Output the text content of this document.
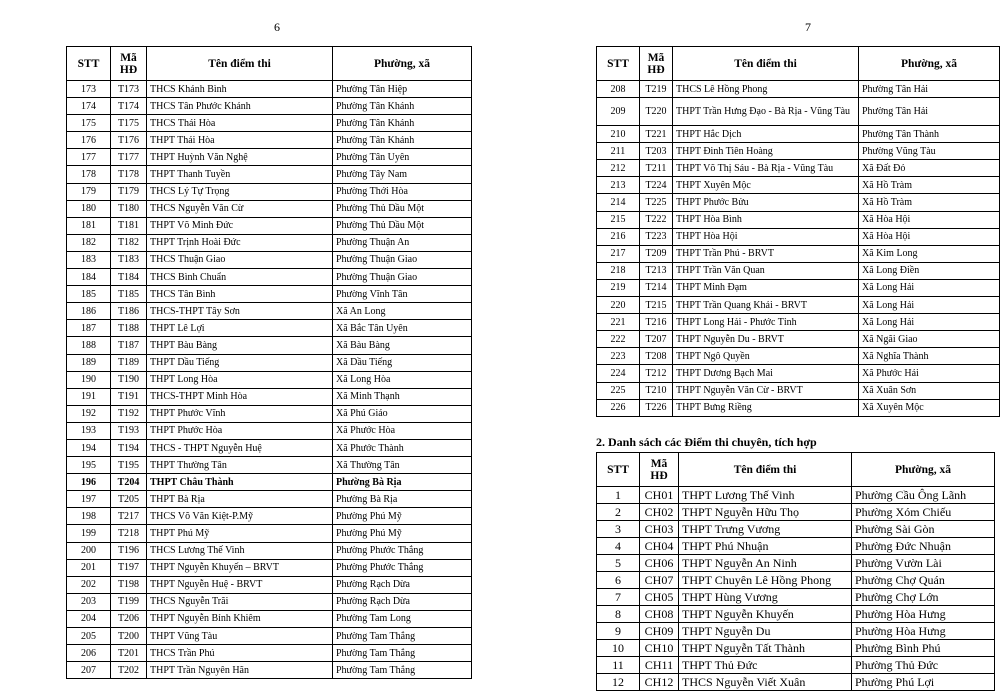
6
STT	Mã HĐ	Tên điểm thi	Phường, xã
173	T173	THCS Khánh Bình	Phường Tân Hiệp
174	T174	THCS Tân Phước Khánh	Phường Tân Khánh
175	T175	THCS Thái Hòa	Phường Tân Khánh
176	T176	THPT Thái Hòa	Phường Tân Khánh
177	T177	THPT Huỳnh Văn Nghệ	Phường Tân Uyên
178	T178	THPT Thanh Tuyền	Phường Tây Nam
179	T179	THCS Lý Tự Trọng	Phường Thới Hòa
180	T180	THCS Nguyễn Văn Cừ	Phường Thủ Dầu Một
181	T181	THPT Võ Minh Đức	Phường Thủ Dầu Một
182	T182	THPT Trịnh Hoài Đức	Phường Thuận An
183	T183	THCS Thuận Giao	Phường Thuận Giao
184	T184	THCS Bình Chuẩn	Phường Thuận Giao
185	T185	THCS Tân Bình	Phường Vĩnh Tân
186	T186	THCS-THPT Tây Sơn	Xã An Long
187	T188	THPT Lê Lợi	Xã Bắc Tân Uyên
188	T187	THPT Bàu Bàng	Xã Bàu Bàng
189	T189	THPT Dầu Tiếng	Xã Dầu Tiếng
190	T190	THPT Long Hòa	Xã Long Hòa
191	T191	THCS-THPT Minh Hòa	Xã Minh Thạnh
192	T192	THPT Phước Vĩnh	Xã Phú Giáo
193	T193	THPT Phước Hòa	Xã Phước Hòa
194	T194	THCS - THPT Nguyễn Huệ	Xã Phước Thành
195	T195	THPT Thường Tân	Xã Thường Tân
196	T204	THPT Châu Thành	Phường Bà Rịa
197	T205	THPT Bà Rịa	Phường Bà Rịa
198	T217	THCS Võ Văn Kiệt-P.Mỹ	Phường Phú Mỹ
199	T218	THPT Phú Mỹ	Phường Phú Mỹ
200	T196	THCS Lương Thế Vinh	Phường Phước Thắng
201	T197	THPT Nguyễn Khuyến – BRVT	Phường Phước Thắng
202	T198	THPT Nguyễn Huệ - BRVT	Phường Rạch Dừa
203	T199	THCS Nguyễn Trãi	Phường Rạch Dừa
204	T206	THPT Nguyễn Bỉnh Khiêm	Phường Tam Long
205	T200	THPT Vũng Tàu	Phường Tam Thắng
206	T201	THCS Trần Phú	Phường Tam Thắng
207	T202	THPT Trần Nguyên Hãn	Phường Tam Thắng
7
STT	Mã HĐ	Tên điểm thi	Phường, xã
208	T219	THCS Lê Hồng Phong	Phường Tân Hải
209	T220	THPT Trần Hưng Đạo - Bà Rịa - Vũng Tàu	Phường Tân Hải
210	T221	THPT Hắc Dịch	Phường Tân Thành
211	T203	THPT Đinh Tiên Hoàng	Phường Vũng Tàu
212	T211	THPT Võ Thị Sáu - Bà Rịa - Vũng Tàu	Xã Đất Đỏ
213	T224	THPT Xuyên Mộc	Xã Hồ Tràm
214	T225	THPT Phước Bửu	Xã Hồ Tràm
215	T222	THPT Hòa Bình	Xã Hòa Hội
216	T223	THPT Hòa Hội	Xã Hòa Hội
217	T209	THPT Trần Phú - BRVT	Xã Kim Long
218	T213	THPT Trần Văn Quan	Xã Long Điền
219	T214	THPT Minh Đạm	Xã Long Hải
220	T215	THPT Trần Quang Khải - BRVT	Xã Long Hải
221	T216	THPT Long Hải - Phước Tỉnh	Xã Long Hải
222	T207	THPT Nguyễn Du - BRVT	Xã Ngãi Giao
223	T208	THPT Ngô Quyền	Xã Nghĩa Thành
224	T212	THPT Dương Bạch Mai	Xã Phước Hải
225	T210	THPT Nguyễn Văn Cừ - BRVT	Xã Xuân Sơn
226	T226	THPT Bưng Riềng	Xã Xuyên Mộc
2. Danh sách các Điểm thi chuyên, tích hợp
STT	Mã HĐ	Tên điểm thi	Phường, xã
1	CH01	THPT Lương Thế Vinh	Phường Cầu Ông Lãnh
2	CH02	THPT Nguyễn Hữu Thọ	Phường Xóm Chiếu
3	CH03	THPT Trưng Vương	Phường Sài Gòn
4	CH04	THPT Phú Nhuận	Phường Đức Nhuận
5	CH06	THPT Nguyễn An Ninh	Phường Vườn Lài
6	CH07	THPT Chuyên Lê Hồng Phong	Phường Chợ Quán
7	CH05	THPT Hùng Vương	Phường Chợ Lớn
8	CH08	THPT Nguyễn Khuyến	Phường Hòa Hưng
9	CH09	THPT Nguyễn Du	Phường Hòa Hưng
10	CH10	THPT Nguyễn Tất Thành	Phường Bình Phú
11	CH11	THPT Thủ Đức	Phường Thủ Đức
12	CH12	THCS Nguyễn Viết Xuân	Phường Phú Lợi
